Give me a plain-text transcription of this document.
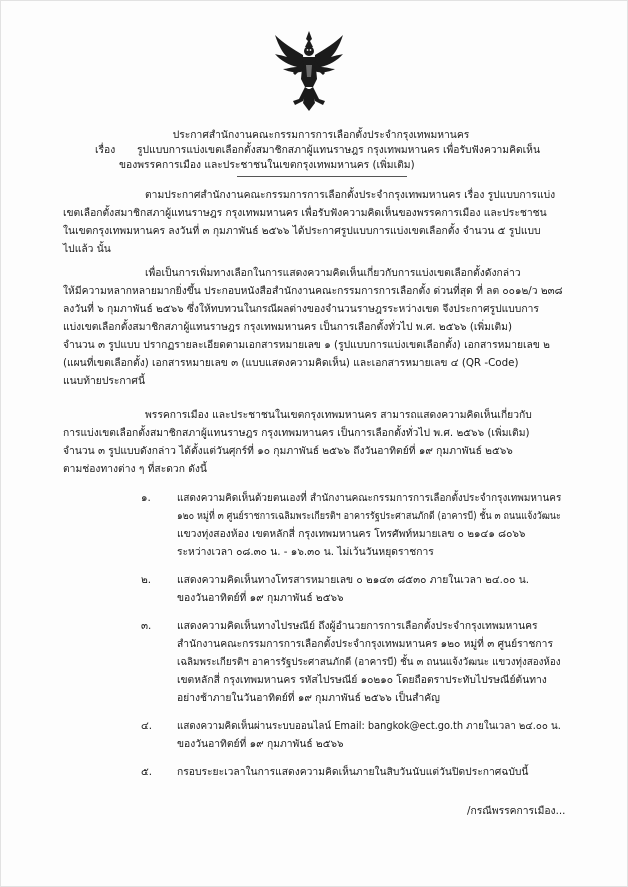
ประกาศสำนักงานคณะกรรมการการเลือกตั้งประจำกรุงเทพมหานคร
เรื่อง	รูปแบบการแบ่งเขตเลือกตั้งสมาชิกสภาผู้แทนราษฎร กรุงเทพมหานคร เพื่อรับฟังความคิดเห็น
ของพรรคการเมือง และประชาชนในเขตกรุงเทพมหานคร (เพิ่มเติม)

ตามประกาศสำนักงานคณะกรรมการการเลือกตั้งประจำกรุงเทพมหานคร เรื่อง รูปแบบการแบ่ง
เขตเลือกตั้งสมาชิกสภาผู้แทนราษฎร กรุงเทพมหานคร เพื่อรับฟังความคิดเห็นของพรรคการเมือง และประชาชน
ในเขตกรุงเทพมหานคร ลงวันที่ ๓ กุมภาพันธ์ ๒๕๖๖ ได้ประกาศรูปแบบการแบ่งเขตเลือกตั้ง จำนวน ๕ รูปแบบ
ไปแล้ว นั้น

เพื่อเป็นการเพิ่มทางเลือกในการแสดงความคิดเห็นเกี่ยวกับการแบ่งเขตเลือกตั้งดังกล่าว
ให้มีความหลากหลายมากยิ่งขึ้น ประกอบหนังสือสำนักงานคณะกรรมการการเลือกตั้ง ด่วนที่สุด ที่ ลต ๐๐๑๒/ว ๒๓๘
ลงวันที่ ๖ กุมภาพันธ์ ๒๕๖๖ ซึ่งให้ทบทวนในกรณีผลต่างของจำนวนราษฎรระหว่างเขต จึงประกาศรูปแบบการ
แบ่งเขตเลือกตั้งสมาชิกสภาผู้แทนราษฎร กรุงเทพมหานคร เป็นการเลือกตั้งทั่วไป พ.ศ. ๒๕๖๖ (เพิ่มเติม)
จำนวน ๓ รูปแบบ ปรากฏรายละเอียดตามเอกสารหมายเลข ๑ (รูปแบบการแบ่งเขตเลือกตั้ง) เอกสารหมายเลข ๒
(แผนที่เขตเลือกตั้ง) เอกสารหมายเลข ๓ (แบบแสดงความคิดเห็น) และเอกสารหมายเลข ๔ (QR -Code)
แนบท้ายประกาศนี้

พรรคการเมือง และประชาชนในเขตกรุงเทพมหานคร สามารถแสดงความคิดเห็นเกี่ยวกับ
การแบ่งเขตเลือกตั้งสมาชิกสภาผู้แทนราษฎร กรุงเทพมหานคร เป็นการเลือกตั้งทั่วไป พ.ศ. ๒๕๖๖ (เพิ่มเติม)
จำนวน ๓ รูปแบบดังกล่าว ได้ตั้งแต่วันศุกร์ที่ ๑๐ กุมภาพันธ์ ๒๕๖๖ ถึงวันอาทิตย์ที่ ๑๙ กุมภาพันธ์ ๒๕๖๖
ตามช่องทางต่าง ๆ ที่สะดวก ดังนี้

๑.	แสดงความคิดเห็นด้วยตนเองที่ สำนักงานคณะกรรมการการเลือกตั้งประจำกรุงเทพมหานคร
๑๒๐ หมู่ที่ ๓ ศูนย์ราชการเฉลิมพระเกียรติฯ อาคารรัฐประศาสนภักดี (อาคารบี) ชั้น ๓ ถนนแจ้งวัฒนะ
แขวงทุ่งสองห้อง เขตหลักสี่ กรุงเทพมหานคร โทรศัพท์หมายเลข ๐ ๒๑๔๑ ๘๐๖๖
ระหว่างเวลา ๐๘.๓๐ น. - ๑๖.๓๐ น. ไม่เว้นวันหยุดราชการ
๒.	แสดงความคิดเห็นทางโทรสารหมายเลข ๐ ๒๑๔๓ ๘๕๓๐ ภายในเวลา ๒๔.๐๐ น.
ของวันอาทิตย์ที่ ๑๙ กุมภาพันธ์ ๒๕๖๖
๓.	แสดงความคิดเห็นทางไปรษณีย์ ถึงผู้อำนวยการการเลือกตั้งประจำกรุงเทพมหานคร
สำนักงานคณะกรรมการการเลือกตั้งประจำกรุงเทพมหานคร ๑๒๐ หมู่ที่ ๓ ศูนย์ราชการ
เฉลิมพระเกียรติฯ อาคารรัฐประศาสนภักดี (อาคารบี) ชั้น ๓ ถนนแจ้งวัฒนะ แขวงทุ่งสองห้อง
เขตหลักสี่ กรุงเทพมหานคร รหัสไปรษณีย์ ๑๐๒๑๐ โดยถือตราประทับไปรษณีย์ต้นทาง
อย่างช้าภายในวันอาทิตย์ที่ ๑๙ กุมภาพันธ์ ๒๕๖๖ เป็นสำคัญ
๔.	แสดงความคิดเห็นผ่านระบบออนไลน์ Email: bangkok@ect.go.th ภายในเวลา ๒๔.๐๐ น.
ของวันอาทิตย์ที่ ๑๙ กุมภาพันธ์ ๒๕๖๖
๕.	กรอบระยะเวลาในการแสดงความคิดเห็นภายในสิบวันนับแต่วันปิดประกาศฉบับนี้
/กรณีพรรคการเมือง...
